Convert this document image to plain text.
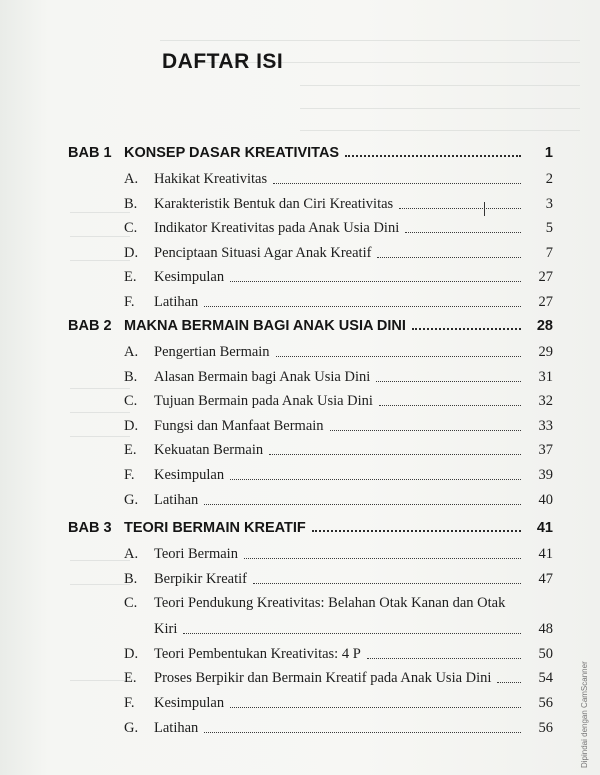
DAFTAR ISI
BAB 1 KONSEP DASAR KREATIVITAS	1
A.	Hakikat Kreativitas	2
B.	Karakteristik Bentuk dan Ciri Kreativitas	3
C.	Indikator Kreativitas pada Anak Usia Dini	5
D.	Penciptaan Situasi Agar Anak Kreatif	7
E.	Kesimpulan	27
F.	Latihan	27
BAB 2 MAKNA BERMAIN BAGI ANAK USIA DINI	28
A.	Pengertian Bermain	29
B.	Alasan Bermain bagi Anak Usia Dini	31
C.	Tujuan Bermain pada Anak Usia Dini	32
D.	Fungsi dan Manfaat Bermain	33
E.	Kekuatan Bermain	37
F.	Kesimpulan	39
G.	Latihan	40
BAB 3 TEORI BERMAIN KREATIF	41
A.	Teori Bermain	41
B.	Berpikir Kreatif	47
C.	Teori Pendukung Kreativitas: Belahan Otak Kanan dan Otak
Kiri	48
D.	Teori Pembentukan Kreativitas: 4 P	50
E.	Proses Berpikir dan Bermain Kreatif pada Anak Usia Dini	54
F.	Kesimpulan	56
G.	Latihan	56	Dipindai dengan CamScanner
